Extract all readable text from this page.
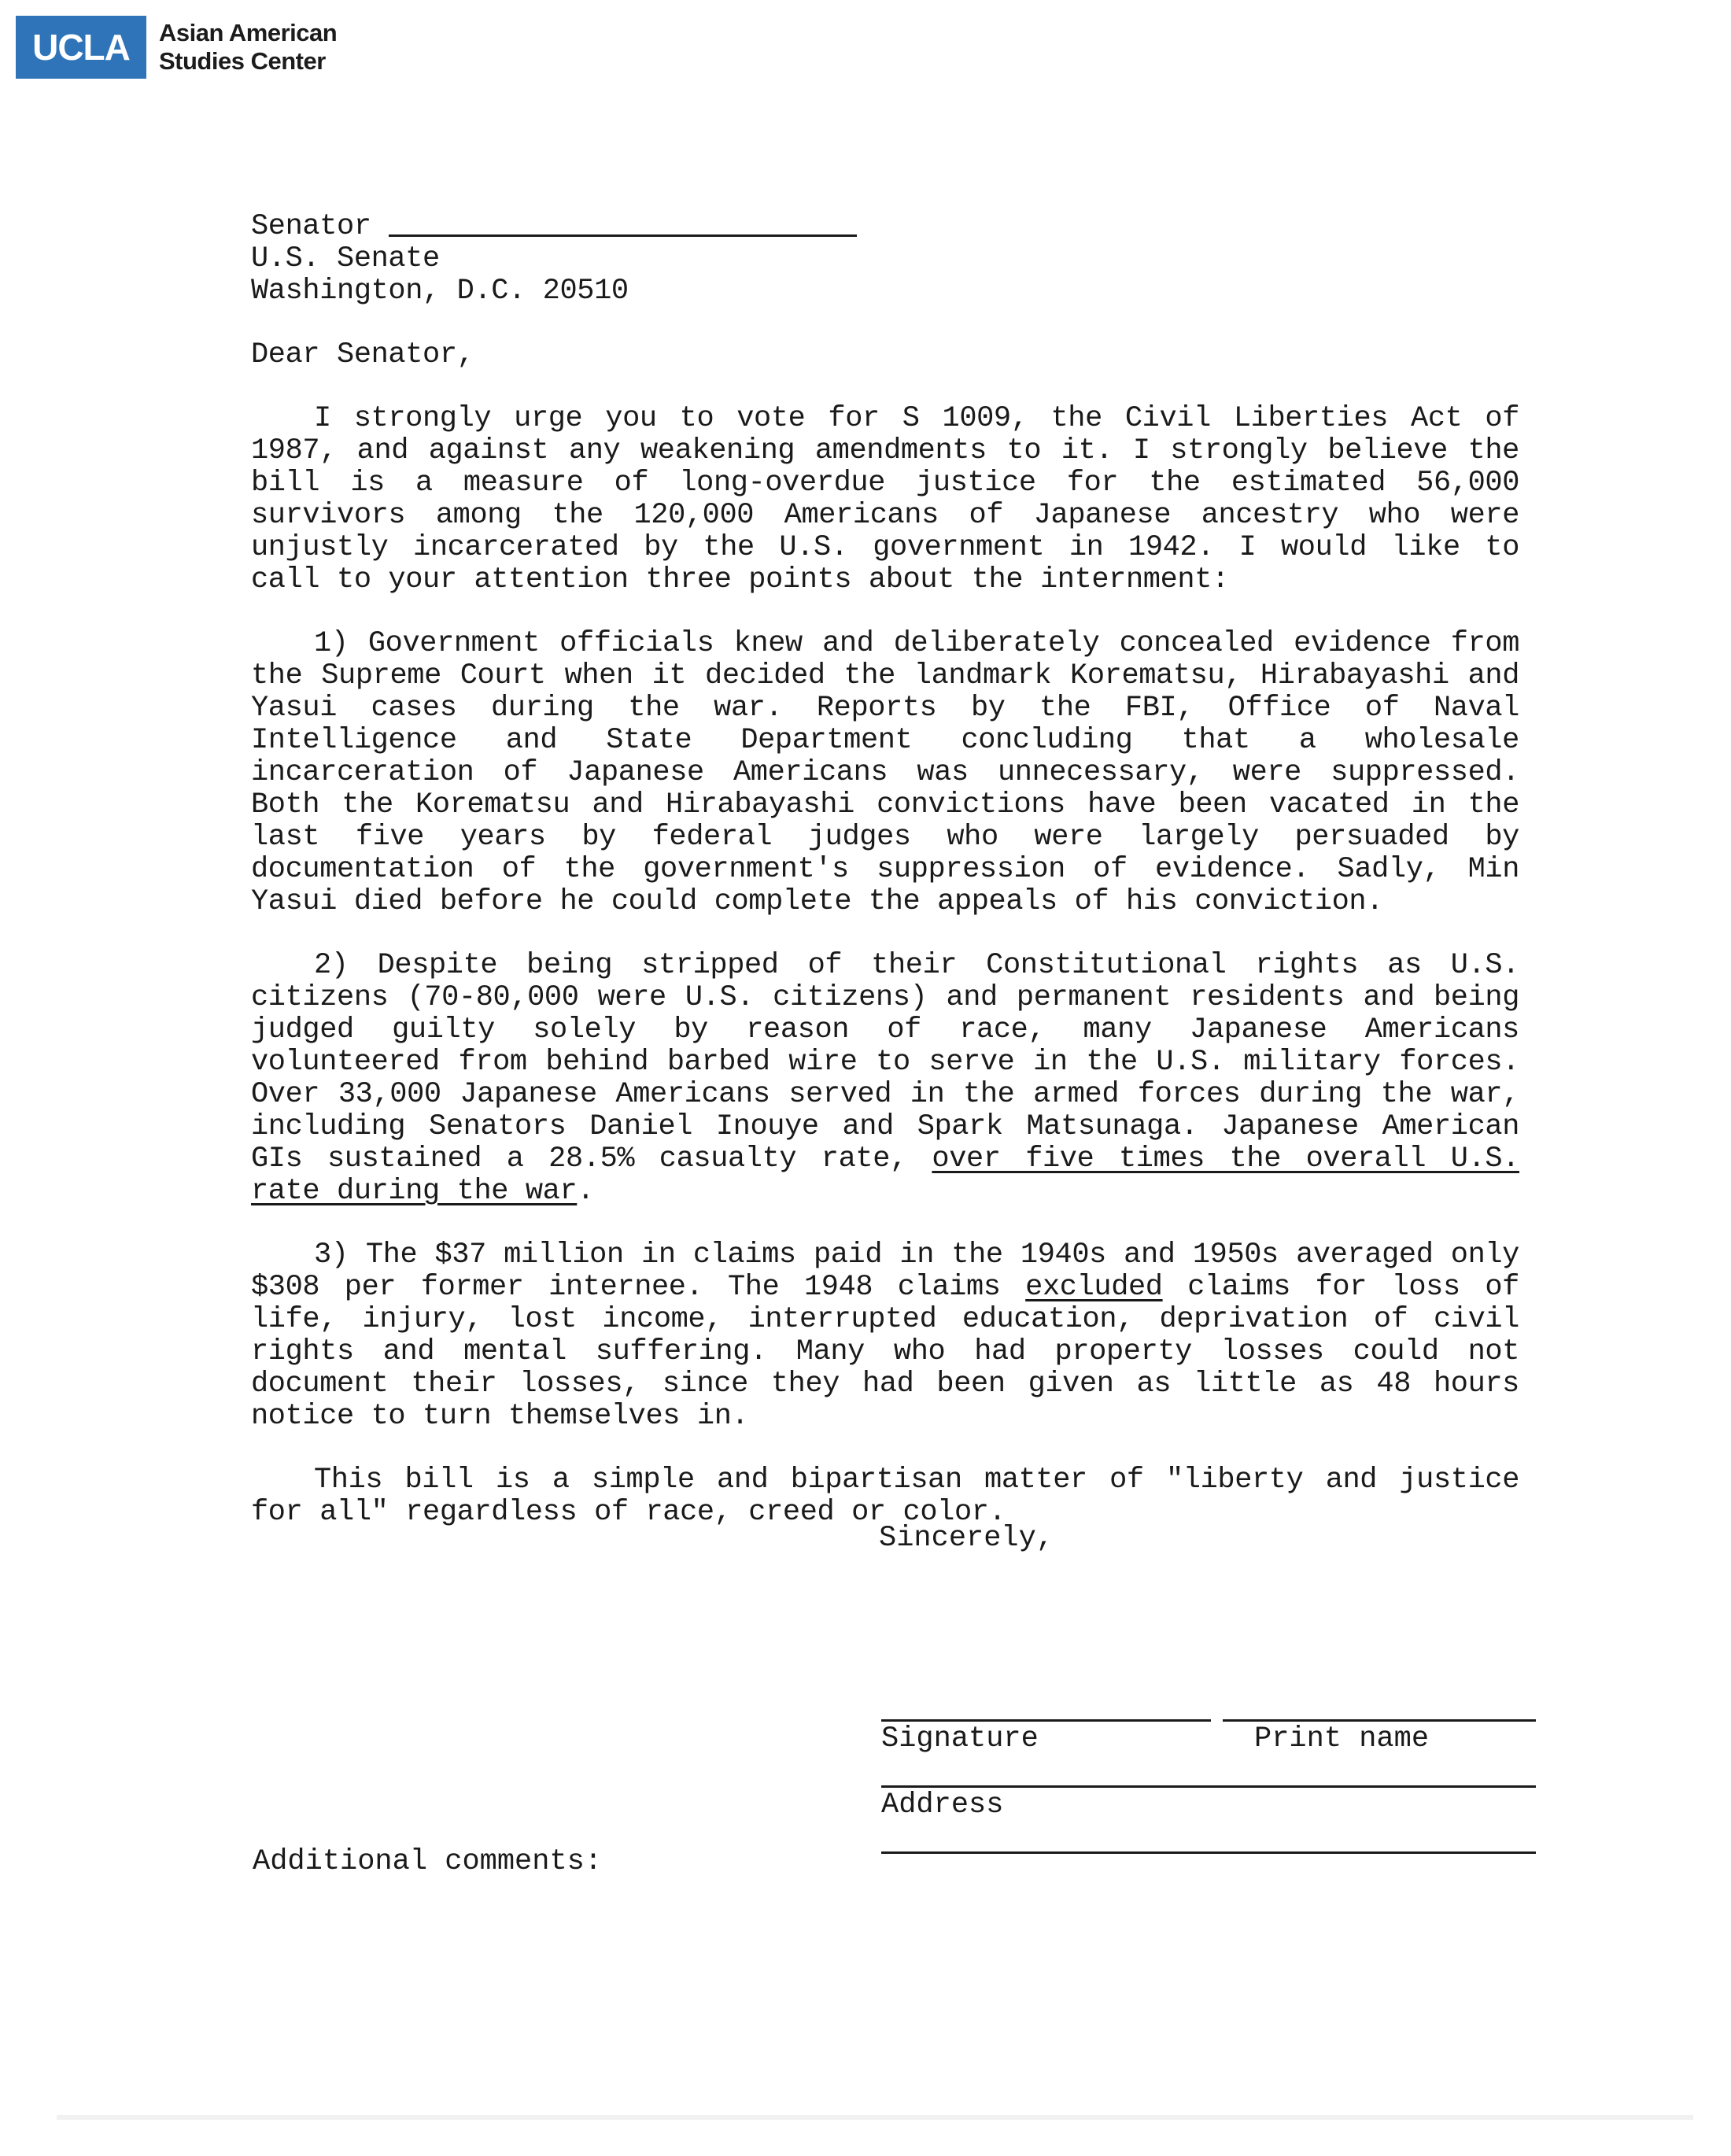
UCLA Asian American
Studies Center
Senator
U.S. Senate
Washington, D.C. 20510
Dear Senator,

I strongly urge you to vote for S 1009, the Civil Liberties Act of 1987, and against any weakening amendments to it. I strongly believe the bill is a measure of long-overdue justice for the estimated 56,000 survivors among the 120,000 Americans of Japanese ancestry who were unjustly incarcerated by the U.S. government in 1942. I would like to call to your attention three points about the internment:

1) Government officials knew and deliberately concealed evidence from the Supreme Court when it decided the landmark Korematsu, Hirabayashi and Yasui cases during the war. Reports by the FBI, Office of Naval Intelligence and State Department concluding that a wholesale incarceration of Japanese Americans was unnecessary, were suppressed. Both the Korematsu and Hirabayashi convictions have been vacated in the last five years by federal judges who were largely persuaded by documentation of the government's suppression of evidence. Sadly, Min Yasui died before he could complete the appeals of his conviction.

2) Despite being stripped of their Constitutional rights as U.S. citizens (70-80,000 were U.S. citizens) and permanent residents and being judged guilty solely by reason of race, many Japanese Americans volunteered from behind barbed wire to serve in the U.S. military forces. Over 33,000 Japanese Americans served in the armed forces during the war, including Senators Daniel Inouye and Spark Matsunaga. Japanese American GIs sustained a 28.5% casualty rate, over five times the overall U.S. rate during the war.

3) The $37 million in claims paid in the 1940s and 1950s averaged only $308 per former internee. The 1948 claims excluded claims for loss of life, injury, lost income, interrupted education, deprivation of civil rights and mental suffering. Many who had property losses could not document their losses, since they had been given as little as 48 hours notice to turn themselves in.

This bill is a simple and bipartisan matter of "liberty and justice for all" regardless of race, creed or color.

Sincerely,
Signature	Print name
Address
Additional comments:
